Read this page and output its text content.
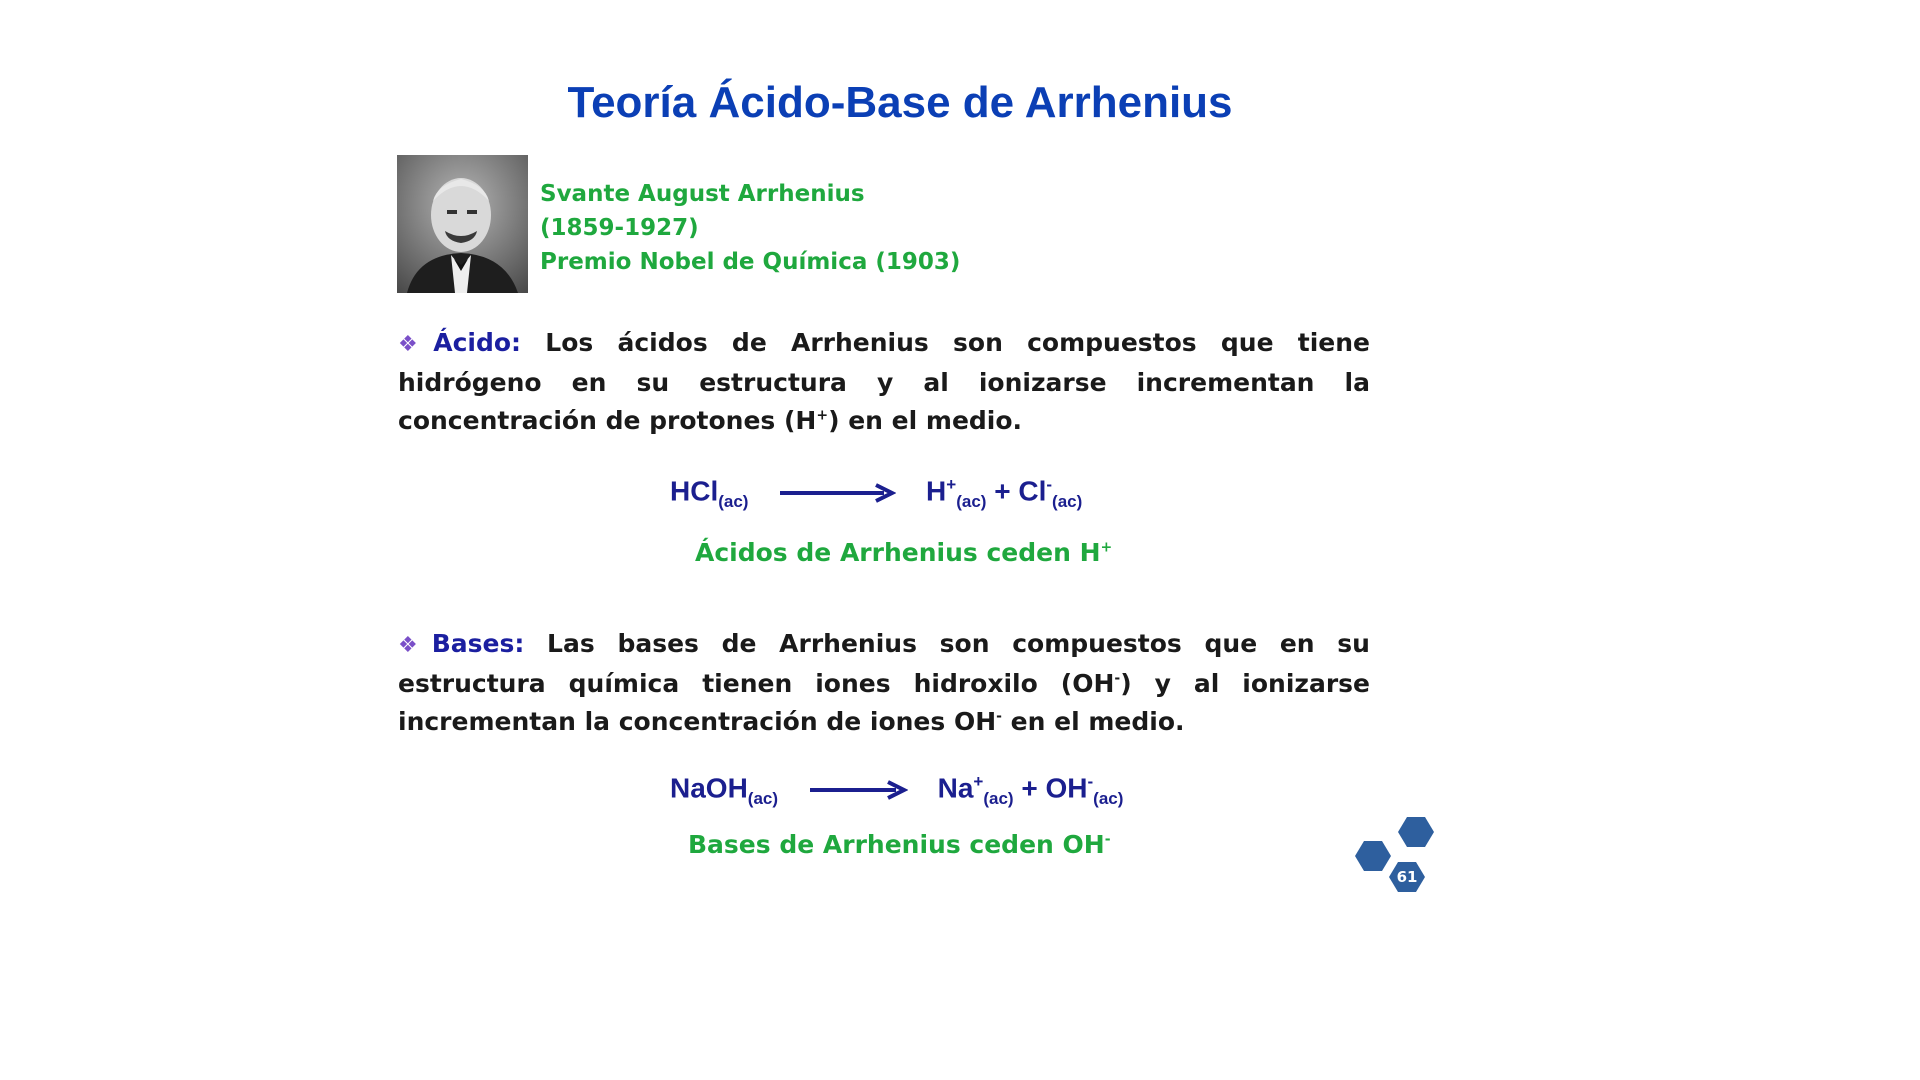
Teoría Ácido-Base de Arrhenius
Svante August Arrhenius
(1859-1927)
Premio Nobel de Química (1903)

❖Ácido: Los ácidos de Arrhenius son compuestos que tiene hidrógeno en su estructura y al ionizarse incrementan la concentración de protones (H+) en el medio.

HCl$_{(ac)}$	$H^+_{(ac)} + Cl^-_{(ac)}$
Ácidos de Arrhenius ceden H+

❖Bases: Las bases de Arrhenius son compuestos que en su estructura química tienen iones hidroxilo (OH-) y al ionizarse incrementan la concentración de iones OH- en el medio.

NaOH$_{(ac)}$ → $Na^+_{(ac)} + OH^-_{(ac)}$
Bases de Arrhenius ceden OH-
61
